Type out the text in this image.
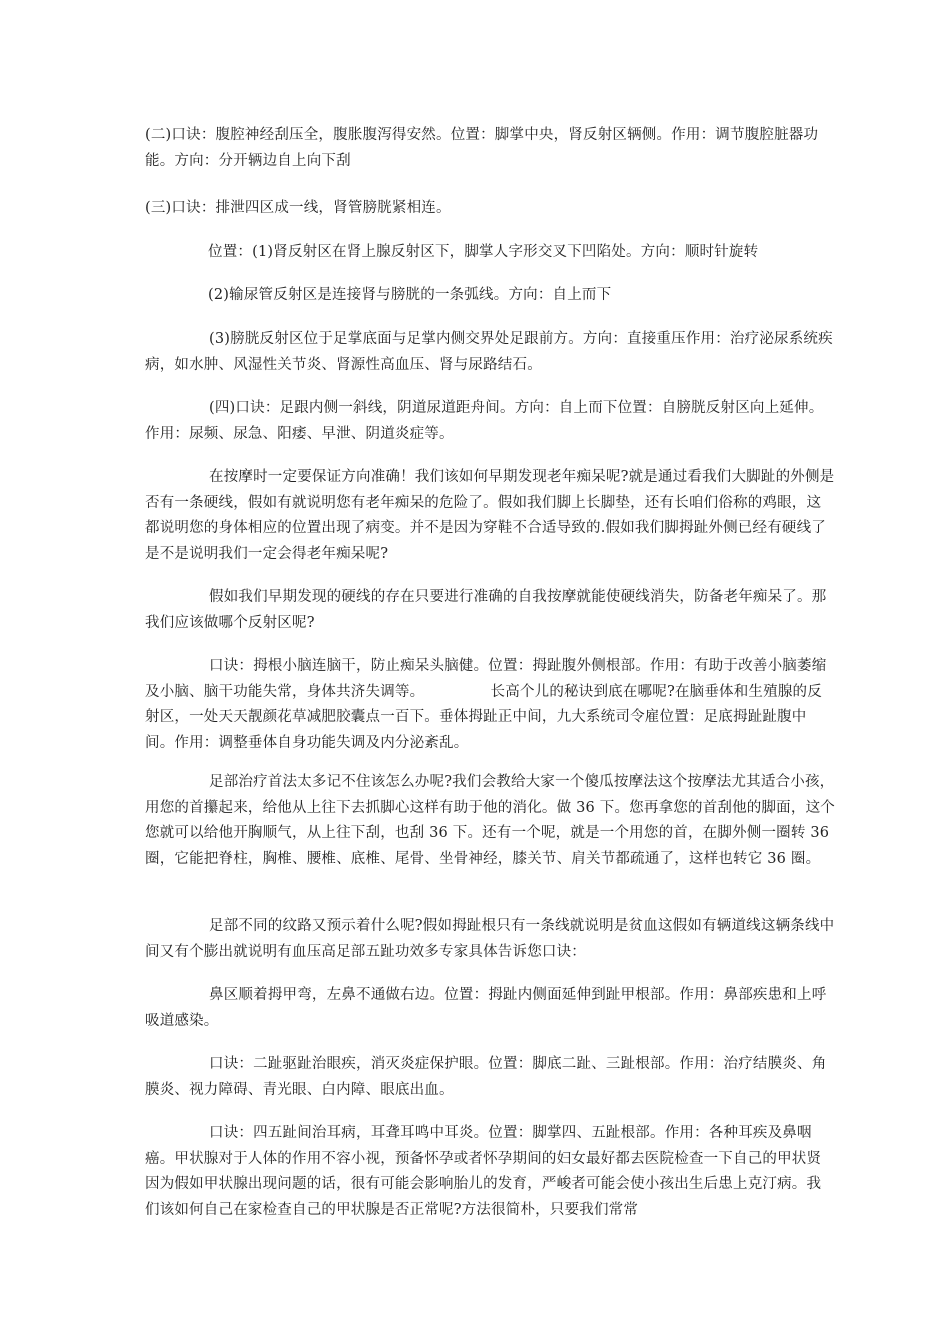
(二)口诀：腹腔神经刮压全，腹胀腹泻得安然。位置：脚掌中央，肾反射区辆侧。作用：调节腹腔脏器功能。方向：分开辆边自上向下刮

(三)口诀：排泄四区成一线，肾管膀胱紧相连。

位置：(1)肾反射区在肾上腺反射区下，脚掌人字形交叉下凹陷处。方向：顺时针旋转

(2)输尿管反射区是连接肾与膀胱的一条弧线。方向：自上而下

(3)膀胱反射区位于足掌底面与足掌内侧交界处足跟前方。方向：直接重压作用：治疗泌尿系统疾病，如水肿、风湿性关节炎、肾源性高血压、肾与尿路结石。

(四)口诀：足跟内侧一斜线，阴道尿道距舟间。方向：自上而下位置：自膀胱反射区向上延伸。作用：尿频、尿急、阳痿、早泄、阴道炎症等。

在按摩时一定要保证方向准确！我们该如何早期发现老年痴呆呢?就是通过看我们大脚趾的外侧是否有一条硬线，假如有就说明您有老年痴呆的危险了。假如我们脚上长脚垫，还有长咱们俗称的鸡眼，这都说明您的身体相应的位置出现了病变。并不是因为穿鞋不合适导致的.假如我们脚拇趾外侧已经有硬线了是不是说明我们一定会得老年痴呆呢?

假如我们早期发现的硬线的存在只要进行准确的自我按摩就能使硬线消失，防备老年痴呆了。那我们应该做哪个反射区呢?

口诀：拇根小脑连脑干，防止痴呆头脑健。位置：拇趾腹外侧根部。作用：有助于改善小脑萎缩及小脑、脑干功能失常，身体共济失调等。　　　　　长高个儿的秘诀到底在哪呢?在脑垂体和生殖腺的反射区，一处天天靓颜花草减肥胶囊点一百下。垂体拇趾正中间，九大系统司令雇位置：足底拇趾趾腹中间。作用：调整垂体自身功能失调及内分泌紊乱。

足部治疗首法太多记不住该怎么办呢?我们会教给大家一个傻瓜按摩法这个按摩法尤其适合小孩，用您的首攥起来，给他从上往下去抓脚心这样有助于他的消化。做 36 下。您再拿您的首刮他的脚面，这个您就可以给他开胸顺气，从上往下刮，也刮 36 下。还有一个呢，就是一个用您的首，在脚外侧一圈转 36 圈，它能把脊柱，胸椎、腰椎、底椎、尾骨、坐骨神经，膝关节、肩关节都疏通了，这样也转它 36 圈。

足部不同的纹路又预示着什么呢?假如拇趾根只有一条线就说明是贫血这假如有辆道线这辆条线中间又有个膨出就说明有血压高足部五趾功效多专家具体告诉您口诀：

鼻区顺着拇甲弯，左鼻不通做右边。位置：拇趾内侧面延伸到趾甲根部。作用：鼻部疾患和上呼吸道感染。

口诀：二趾驱趾治眼疾，消灭炎症保护眼。位置：脚底二趾、三趾根部。作用：治疗结膜炎、角膜炎、视力障碍、青光眼、白内障、眼底出血。

口诀：四五趾间治耳病，耳聋耳鸣中耳炎。位置：脚掌四、五趾根部。作用：各种耳疾及鼻咽癌。甲状腺对于人体的作用不容小视，预备怀孕或者怀孕期间的妇女最好都去医院检查一下自己的甲状贤　因为假如甲状腺出现问题的话，很有可能会影响胎儿的发育，严峻者可能会使小孩出生后患上克汀病。我们该如何自己在家检查自己的甲状腺是否正常呢?方法很简朴，只要我们常常
